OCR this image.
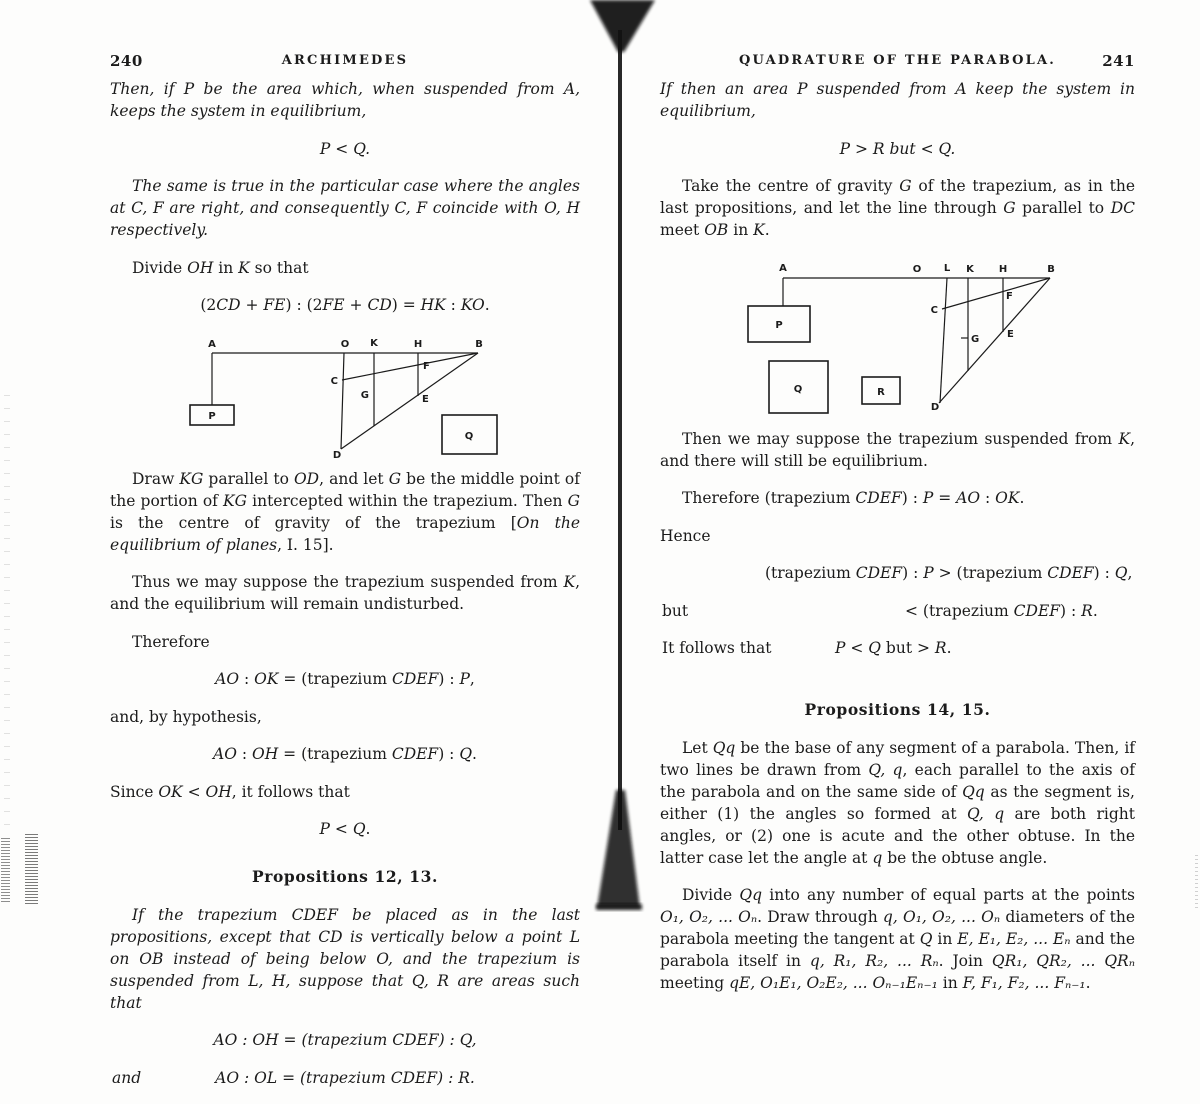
240	ARCHIMEDES

Then, if P be the area which, when suspended from A, keeps the system in equilibrium,

P < Q.

The same is true in the particular case where the angles at C, F are right, and consequently C, F coincide with O, H respectively.

Divide OH in K so that

(2CD + FE) : (2FE + CD) = HK : KO.

A	O K	H	B
C
F
G	E
D
P
Q

Draw KG parallel to OD, and let G be the middle point of the portion of KG intercepted within the trapezium. Then G is the centre of gravity of the trapezium [On the equilibrium of planes, I. 15].

Thus we may suppose the trapezium suspended from K, and the equilibrium will remain undisturbed.

Therefore

AO : OK = (trapezium CDEF) : P,

and, by hypothesis,

AO : OH = (trapezium CDEF) : Q.

Since OK < OH, it follows that

P < Q.

Propositions 12, 13.

If the trapezium CDEF be placed as in the last propositions, except that CD is vertically below a point L on OB instead of being below O, and the trapezium is suspended from L, H, suppose that Q, R are areas such that

AO : OH = (trapezium CDEF) : Q,

and	AO : OL = (trapezium CDEF) : R.

QUADRATURE OF THE PARABOLA.	241

If then an area P suspended from A keep the system in equilibrium,

P > R but < Q.

Take the centre of gravity G of the trapezium, as in the last propositions, and let the line through G parallel to DC meet OB in K.

A	O L K H	B
C
F
G	E
D
P
Q	R

Then we may suppose the trapezium suspended from K, and there will still be equilibrium.

Therefore (trapezium CDEF) : P = AO : OK.

Hence

(trapezium CDEF) : P > (trapezium CDEF) : Q,

but	< (trapezium CDEF) : R.

It follows that	P < Q but > R.

Propositions 14, 15.

Let Qq be the base of any segment of a parabola. Then, if two lines be drawn from Q, q, each parallel to the axis of the parabola and on the same side of Qq as the segment is, either (1) the angles so formed at Q, q are both right angles, or (2) one is acute and the other obtuse. In the latter case let the angle at q be the obtuse angle.

Divide Qq into any number of equal parts at the points O₁, O₂, ... Oₙ. Draw through q, O₁, O₂, ... Oₙ diameters of the parabola meeting the tangent at Q in E, E₁, E₂, ... Eₙ and the parabola itself in q, R₁, R₂, ... Rₙ. Join QR₁, QR₂, ... QRₙ meeting qE, O₁E₁, O₂E₂, ... Oₙ₋₁Eₙ₋₁ in F, F₁, F₂, ... Fₙ₋₁.
